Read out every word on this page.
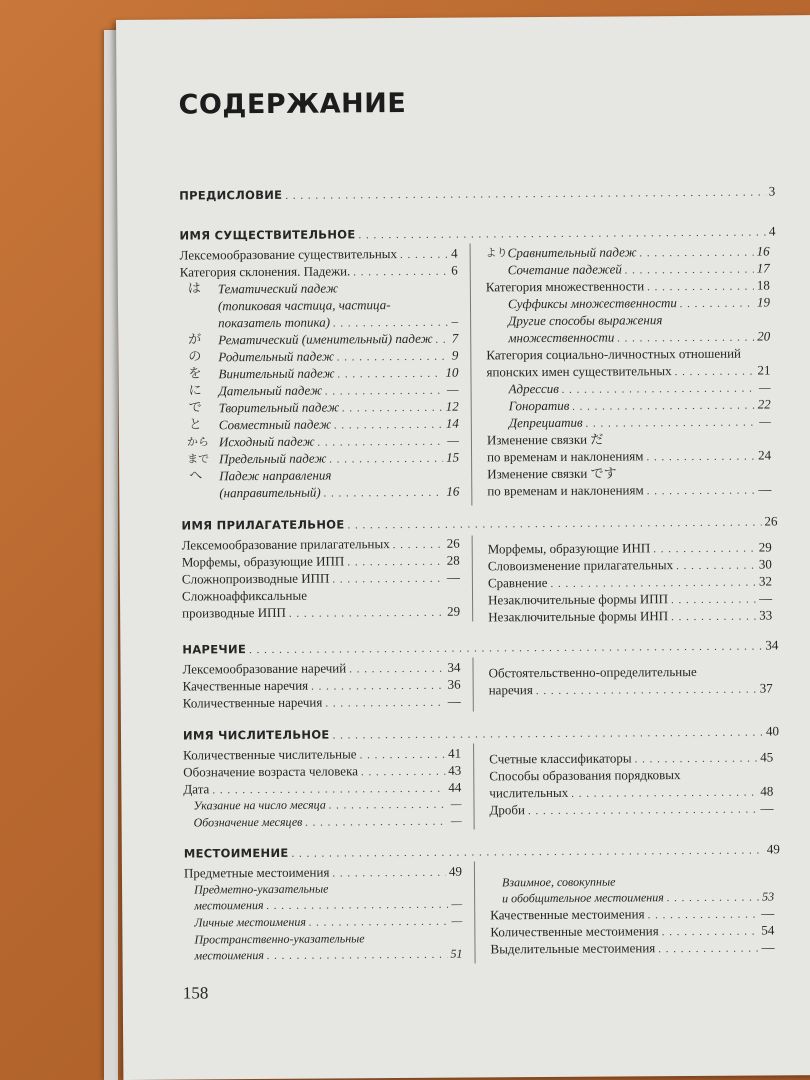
СОДЕРЖАНИЕ
ПРЕДИСЛОВИЕ . . .	3
ИМЯ СУЩЕСТВИТЕЛЬНОЕ . . .	4
Лексемообразование существительных . . .	4
Категория склонения. Падежи. . . .	6
Тематический падеж
(топиковая частица, частица-
показатель топика) . . .	–
Рематический (именительный) падеж . . . 7
Родительный падеж . . .	9
Винительный падеж . . .	10
Дательный падеж . . .	—
Творительный падеж . . .	12
Совместный падеж . . .	14
Исходный падеж . . .	—
Предельный падеж . . .	15
Падеж направления
(направительный) . . .	16
は
が
の
を
に
で
と
から
まで
へ
より Сравнительный падеж . . .	16
Сочетание падежей . . .	17
Категория множественности . . .	18
Суффиксы множественности . . .	19
Другие способы выражения
множественности . . .	20
Категория социально-личностных отношений
японских имен существительных . . .	21
Адрессив . . .	—
Гоноратив . . .	22
Депрециатив . . .	—
Изменение связки だ
по временам и наклонениям . . .	24
Изменение связки です
по временам и наклонениям . . .	—
ИМЯ ПРИЛАГАТЕЛЬНОЕ . . .	26
Лексемообразование прилагательных . . .	26
Морфемы, образующие ИПП . . .	28
Сложнопроизводные ИПП . . .	—
Сложноаффиксальные
производные ИПП . . .	29
Морфемы, образующие ИНП . . .	29
Словоизменение прилагательных . . .	30
Сравнение . . .	32
Незаключительные формы ИПП . . .	—
Незаключительные формы ИНП . . .	33
НАРЕЧИЕ . . .	34
Лексемообразование наречий . . .	34
Качественные наречия . . .	36
Количественные наречия . . .	—
Обстоятельственно-определительные
наречия . . .	37
ИМЯ ЧИСЛИТЕЛЬНОЕ . . .	40
Количественные числительные . . .	41
Обозначение возраста человека . . .	43
Дата . . .	44
Указание на число месяца . . .	—
Обозначение месяцев . . .	—
Счетные классификаторы . . .	45
Способы образования порядковых
числительных . . .	48
Дроби . . .	—
МЕСТОИМЕНИЕ . . .	49
Предметные местоимения . . .	49
Предметно-указательные
местоимения . . .	—
Личные местоимения . . .	—
Пространственно-указательные
местоимения . . .	51
Взаимное, совокупные
и обобщительное местоимения . . .	53
Качественные местоимения . . .	—
Количественные местоимения . . .	54
Выделительные местоимения . . .	—
158
